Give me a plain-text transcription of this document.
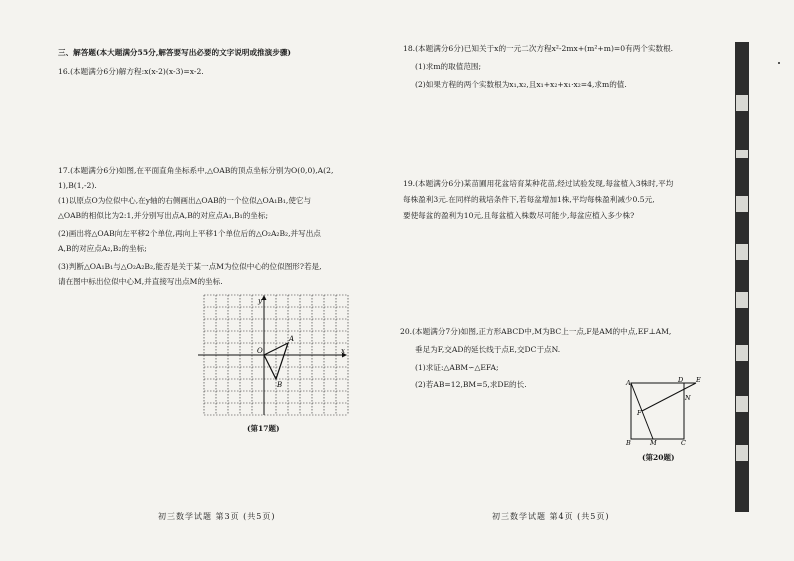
三、解答题(本大题满分55分,解答要写出必要的文字说明或推演步骤)
16.(本题满分6分)解方程:x(x-2)(x-3)=x-2.
17.(本题满分6分)如图,在平面直角坐标系中,△OAB的顶点坐标分别为O(0,0),A(2,
1),B(1,-2).
(1)以原点O为位似中心,在y轴的右侧画出△OAB的一个位似△OA₁B₁,使它与
△OAB的相似比为2:1,并分别写出点A,B的对应点A₁,B₁的坐标;
(2)画出将△OAB向左平移2个单位,再向上平移1个单位后的△O₂A₂B₂,并写出点
A,B的对应点A₂,B₂的坐标;
(3)判断△OA₁B₁与△O₂A₂B₂,能否是关于某一点M为位似中心的位似图形?若是,
请在图中标出位似中心M,并直接写出点M的坐标.
x
y
O
A
B
(第17题)
初三数学试题 第3页 (共5页)
18.(本题满分6分)已知关于x的一元二次方程x²-2mx+(m²+m)=0有两个实数根.
(1)求m的取值范围;
(2)如果方程的两个实数根为x₁,x₂,且x₁+x₂+x₁·x₂=4,求m的值.
19.(本题满分6分)某苗圃用花盆培育某种花苗,经过试验发现,每盆植入3株时,平均
每株盈利3元.在同样的栽培条件下,若每盆增加1株,平均每株盈利减少0.5元,
要使每盆的盈利为10元,且每盆植入株数尽可能少,每盆应植入多少株?
20.(本题满分7分)如图,正方形ABCD中,M为BC上一点,F是AM的中点,EF⊥AM,
垂足为F,交AD的延长线于点E,交DC于点N.
(1)求证:△ABM∽△EFA;
(2)若AB=12,BM=5,求DE的长.	A	D E
F
N
B	M	C
(第20题)
初三数学试题 第4页 (共5页)
